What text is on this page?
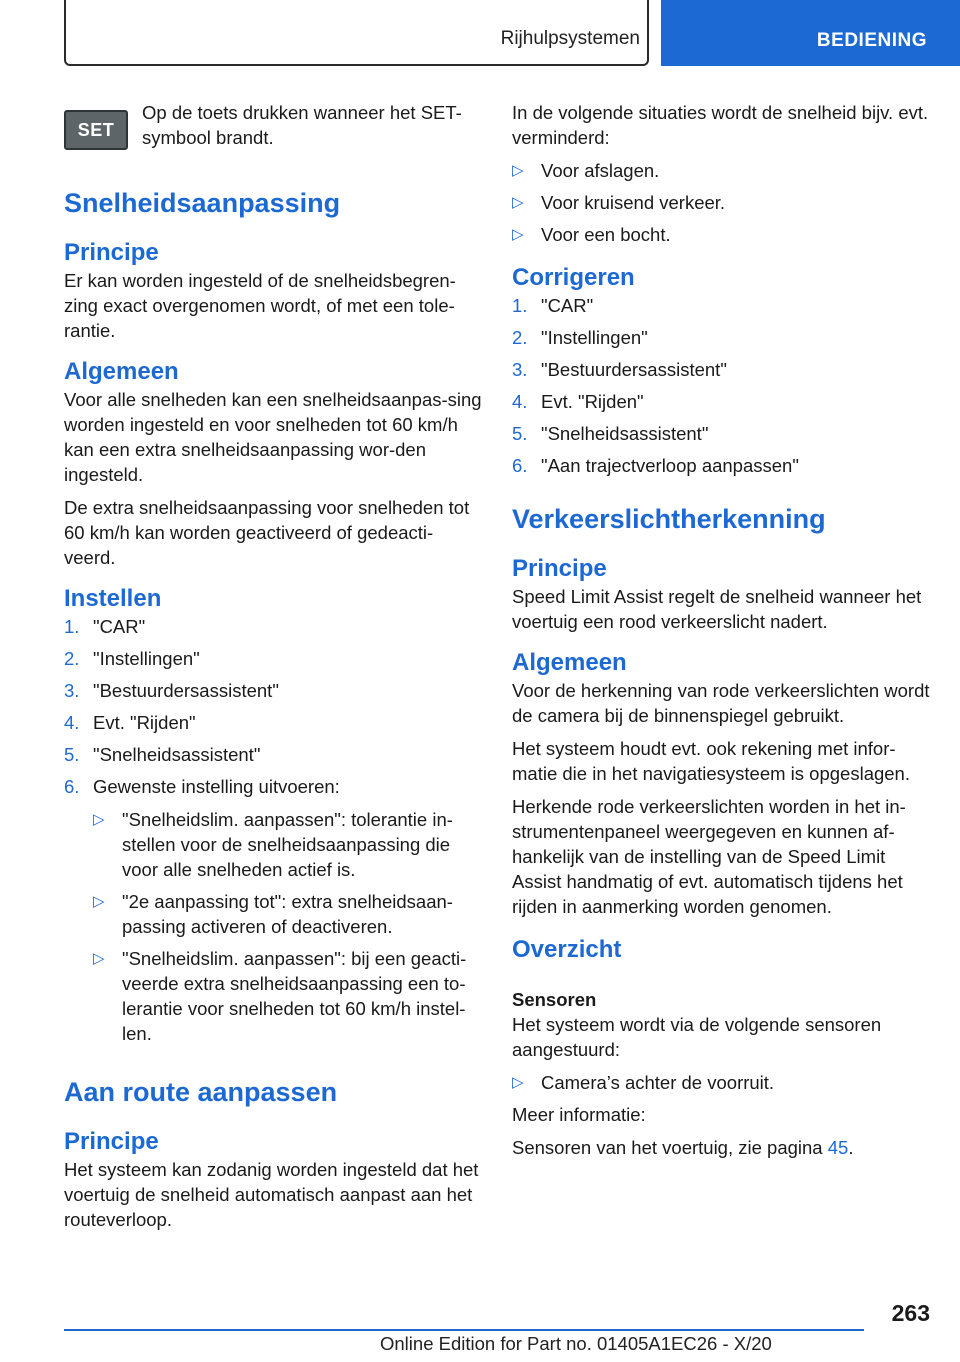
Rijhulpsystemen	BEDIENING
SET
Op de toets drukken wanneer het SET-symbool brandt.
Snelheidsaanpassing
Principe

Er kan worden ingesteld of de snelheidsbegren-zing exact overgenomen wordt, of met een tole-rantie.

Algemeen

Voor alle snelheden kan een snelheidsaanpas-sing worden ingesteld en voor snelheden tot 60 km/h kan een extra snelheidsaanpassing wor-den ingesteld.

De extra snelheidsaanpassing voor snelheden tot 60 km/h kan worden geactiveerd of gedeacti-veerd.

Instellen
1. "CAR"
2. "Instellingen"
3. "Bestuurdersassistent"
4. Evt. "Rijden"
5. "Snelheidsassistent"
6. Gewenste instelling uitvoeren:
▷ "Snelheidslim. aanpassen": tolerantie in-stellen voor de snelheidsaanpassing die voor alle snelheden actief is.
▷ "2e aanpassing tot": extra snelheidsaan-passing activeren of deactiveren.
▷ "Snelheidslim. aanpassen": bij een geacti-veerde extra snelheidsaanpassing een to-lerantie voor snelheden tot 60 km/h instel-len.
Aan route aanpassen
Principe

Het systeem kan zodanig worden ingesteld dat het voertuig de snelheid automatisch aanpast aan het routeverloop.

In de volgende situaties wordt de snelheid bijv. evt. verminderd:

▷ Voor afslagen.
▷ Voor kruisend verkeer.
▷ Voor een bocht.
Corrigeren
1. "CAR"
2. "Instellingen"
3. "Bestuurdersassistent"
4. Evt. "Rijden"
5. "Snelheidsassistent"
6. "Aan trajectverloop aanpassen"
Verkeerslichtherkenning
Principe

Speed Limit Assist regelt de snelheid wanneer het voertuig een rood verkeerslicht nadert.

Algemeen

Voor de herkenning van rode verkeerslichten wordt de camera bij de binnenspiegel gebruikt.

Het systeem houdt evt. ook rekening met infor-matie die in het navigatiesysteem is opgeslagen.

Herkende rode verkeerslichten worden in het in-strumentenpaneel weergegeven en kunnen af-hankelijk van de instelling van de Speed Limit Assist handmatig of evt. automatisch tijdens het rijden in aanmerking worden genomen.

Overzicht
Sensoren

Het systeem wordt via de volgende sensoren aangestuurd:

▷ Camera’s achter de voorruit.

Meer informatie:

Sensoren van het voertuig, zie pagina 45.

263
Online Edition for Part no. 01405A1EC26 - X/20
